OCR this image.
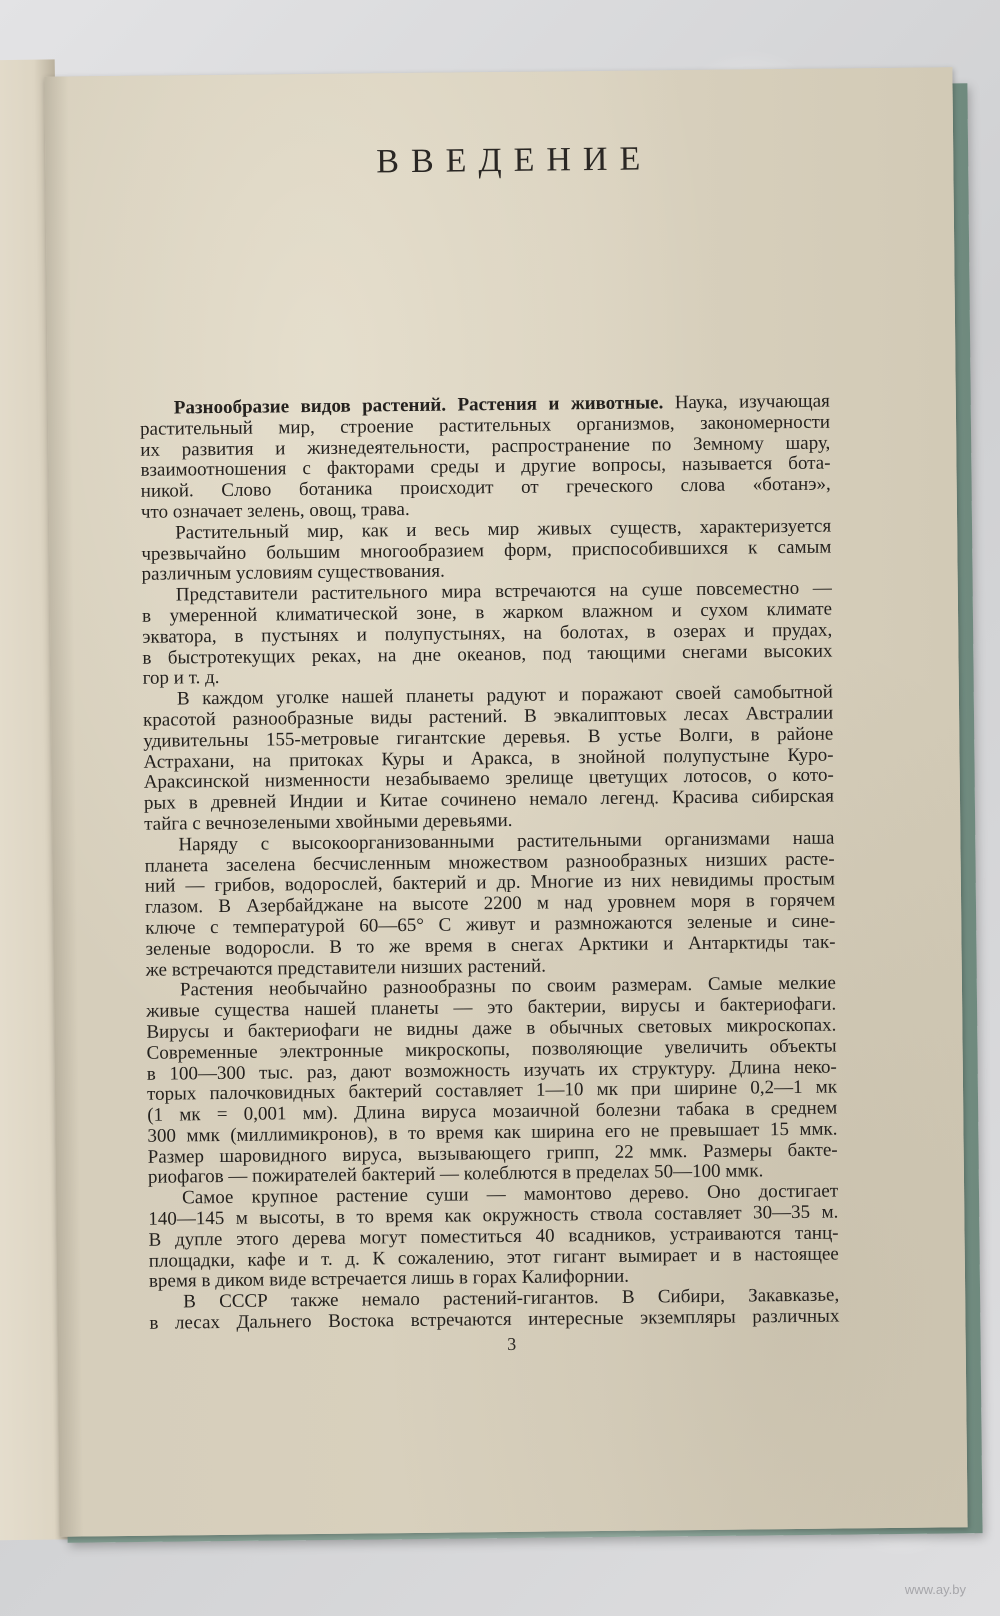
ВВЕДЕНИЕ

Разнообразие видов растений. Растения и животные. Наука, изучающая

растительный мир, строение растительных организмов, закономерности

их развития и жизнедеятельности, распространение по Земному шару,

взаимоотношения с факторами среды и другие вопросы, называется бота-

никой. Слово ботаника происходит от греческого слова «ботанэ»,

что означает зелень, овощ, трава.

Растительный мир, как и весь мир живых существ, характеризуется

чрезвычайно большим многообразием форм, приспособившихся к самым

различным условиям существования.

Представители растительного мира встречаются на суше повсеместно —

в умеренной климатической зоне, в жарком влажном и сухом климате

экватора, в пустынях и полупустынях, на болотах, в озерах и прудах,

в быстротекущих реках, на дне океанов, под тающими снегами высоких

гор и т. д.

В каждом уголке нашей планеты радуют и поражают своей самобытной

красотой разнообразные виды растений. В эвкалиптовых лесах Австралии

удивительны 155-метровые гигантские деревья. В устье Волги, в районе

Астрахани, на притоках Куры и Аракса, в знойной полупустыне Куро-

Араксинской низменности незабываемо зрелище цветущих лотосов, о кото-

рых в древней Индии и Китае сочинено немало легенд. Красива сибирская

тайга с вечнозелеными хвойными деревьями.

Наряду с высокоорганизованными растительными организмами наша

планета заселена бесчисленным множеством разнообразных низших расте-

ний — грибов, водорослей, бактерий и др. Многие из них невидимы простым

глазом. В Азербайджане на высоте 2200 м над уровнем моря в горячем

ключе с температурой 60—65° С живут и размножаются зеленые и сине-

зеленые водоросли. В то же время в снегах Арктики и Антарктиды так-

же встречаются представители низших растений.

Растения необычайно разнообразны по своим размерам. Самые мелкие

живые существа нашей планеты — это бактерии, вирусы и бактериофаги.

Вирусы и бактериофаги не видны даже в обычных световых микроскопах.

Современные электронные микроскопы, позволяющие увеличить объекты

в 100—300 тыс. раз, дают возможность изучать их структуру. Длина неко-

торых палочковидных бактерий составляет 1—10 мк при ширине 0,2—1 мк

(1 мк = 0,001 мм). Длина вируса мозаичной болезни табака в среднем

300 ммк (миллимикронов), в то время как ширина его не превышает 15 ммк.

Размер шаровидного вируса, вызывающего грипп, 22 ммк. Размеры бакте-

риофагов — пожирателей бактерий — колеблются в пределах 50—100 ммк.

Самое крупное растение суши — мамонтово дерево. Оно достигает

140—145 м высоты, в то время как окружность ствола составляет 30—35 м.

В дупле этого дерева могут поместиться 40 всадников, устраиваются танц-

площадки, кафе и т. д. К сожалению, этот гигант вымирает и в настоящее

время в диком виде встречается лишь в горах Калифорнии.

В СССР также немало растений-гигантов. В Сибири, Закавказье,

в лесах Дальнего Востока встречаются интересные экземпляры различных

3
www.ay.by
